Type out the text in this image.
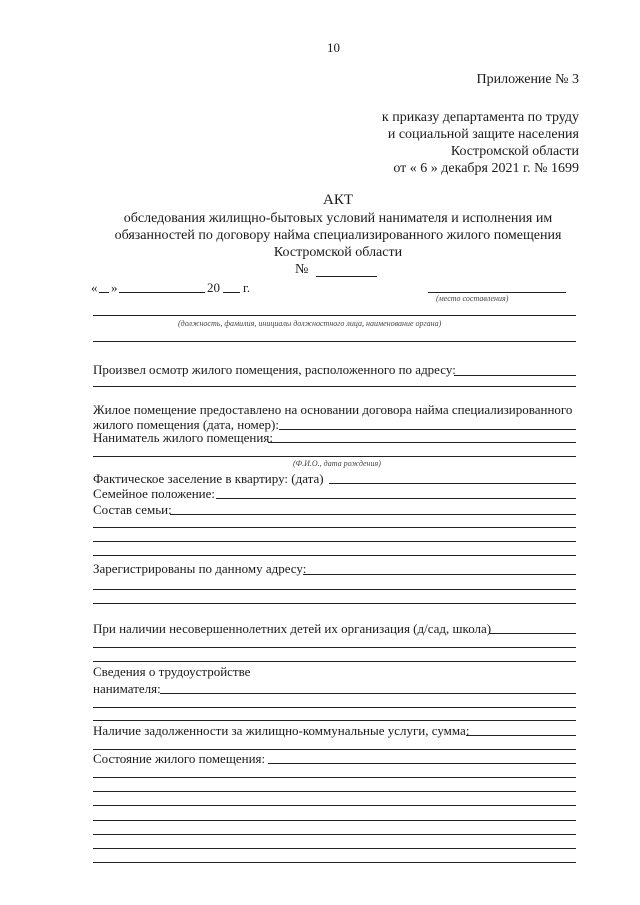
10
Приложение № 3
к приказу департамента по труду
и социальной защите населения
Костромской области
от « 6 » декабря 2021 г. № 1699
АКТ
обследования жилищно-бытовых условий нанимателя и исполнения им
обязанностей по договору найма специализированного жилого помещения
Костромской области
№
« »	20 г.
(место составления)
(должность, фамилия, инициалы должностного лица, наименование органа)
Произвел осмотр жилого помещения, расположенного по адресу:
Жилое помещение предоставлено на основании договора найма специализированного
жилого помещения (дата, номер):
Наниматель жилого помещения:
(Ф.И.О., дата рождения)
Фактическое заселение в квартиру: (дата)
Семейное положение:
Состав семьи:
Зарегистрированы по данному адресу:
При наличии несовершеннолетних детей их организация (д/сад, школа)
Сведения о трудоустройстве
нанимателя:
Наличие задолженности за жилищно-коммунальные услуги, сумма:
Состояние жилого помещения:
